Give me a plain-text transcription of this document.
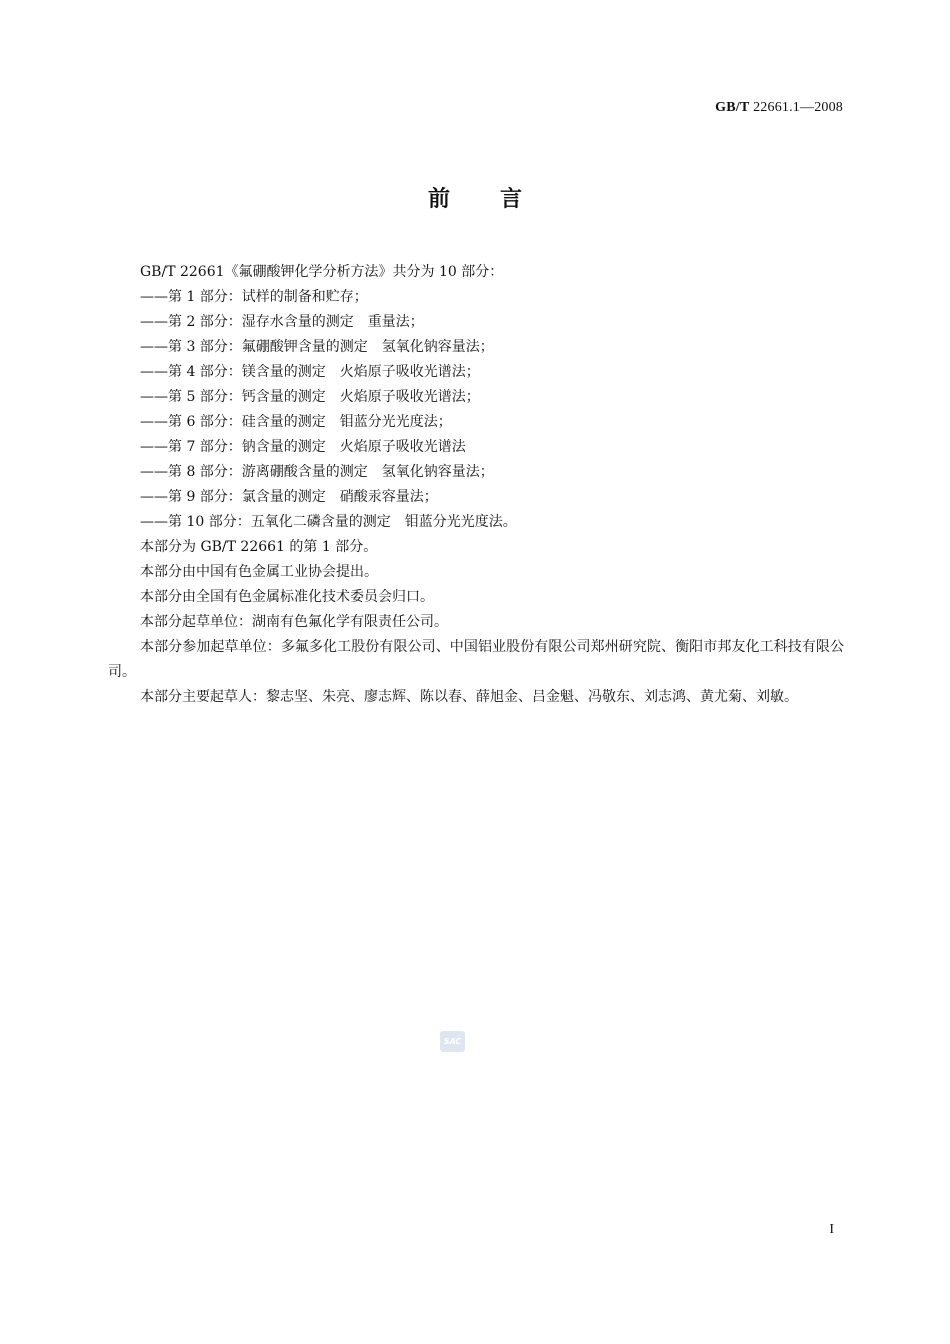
GB/T 22661.1—2008
前言

GB/T 22661《氟硼酸钾化学分析方法》共分为 10 部分：

——第 1 部分：试样的制备和贮存；

——第 2 部分：湿存水含量的测定　重量法；

——第 3 部分：氟硼酸钾含量的测定　氢氧化钠容量法；

——第 4 部分：镁含量的测定　火焰原子吸收光谱法；

——第 5 部分：钙含量的测定　火焰原子吸收光谱法；

——第 6 部分：硅含量的测定　钼蓝分光光度法；

——第 7 部分：钠含量的测定　火焰原子吸收光谱法

——第 8 部分：游离硼酸含量的测定　氢氧化钠容量法；

——第 9 部分：氯含量的测定　硝酸汞容量法；

——第 10 部分：五氧化二磷含量的测定　钼蓝分光光度法。

本部分为 GB/T 22661 的第 1 部分。

本部分由中国有色金属工业协会提出。

本部分由全国有色金属标准化技术委员会归口。

本部分起草单位：湖南有色氟化学有限责任公司。

本部分参加起草单位：多氟多化工股份有限公司、中国铝业股份有限公司郑州研究院、衡阳市邦友化工科技有限公司。

本部分主要起草人：黎志坚、朱亮、廖志辉、陈以春、薛旭金、吕金魁、冯敬东、刘志鸿、黄尤菊、刘敏。

SAC
I
